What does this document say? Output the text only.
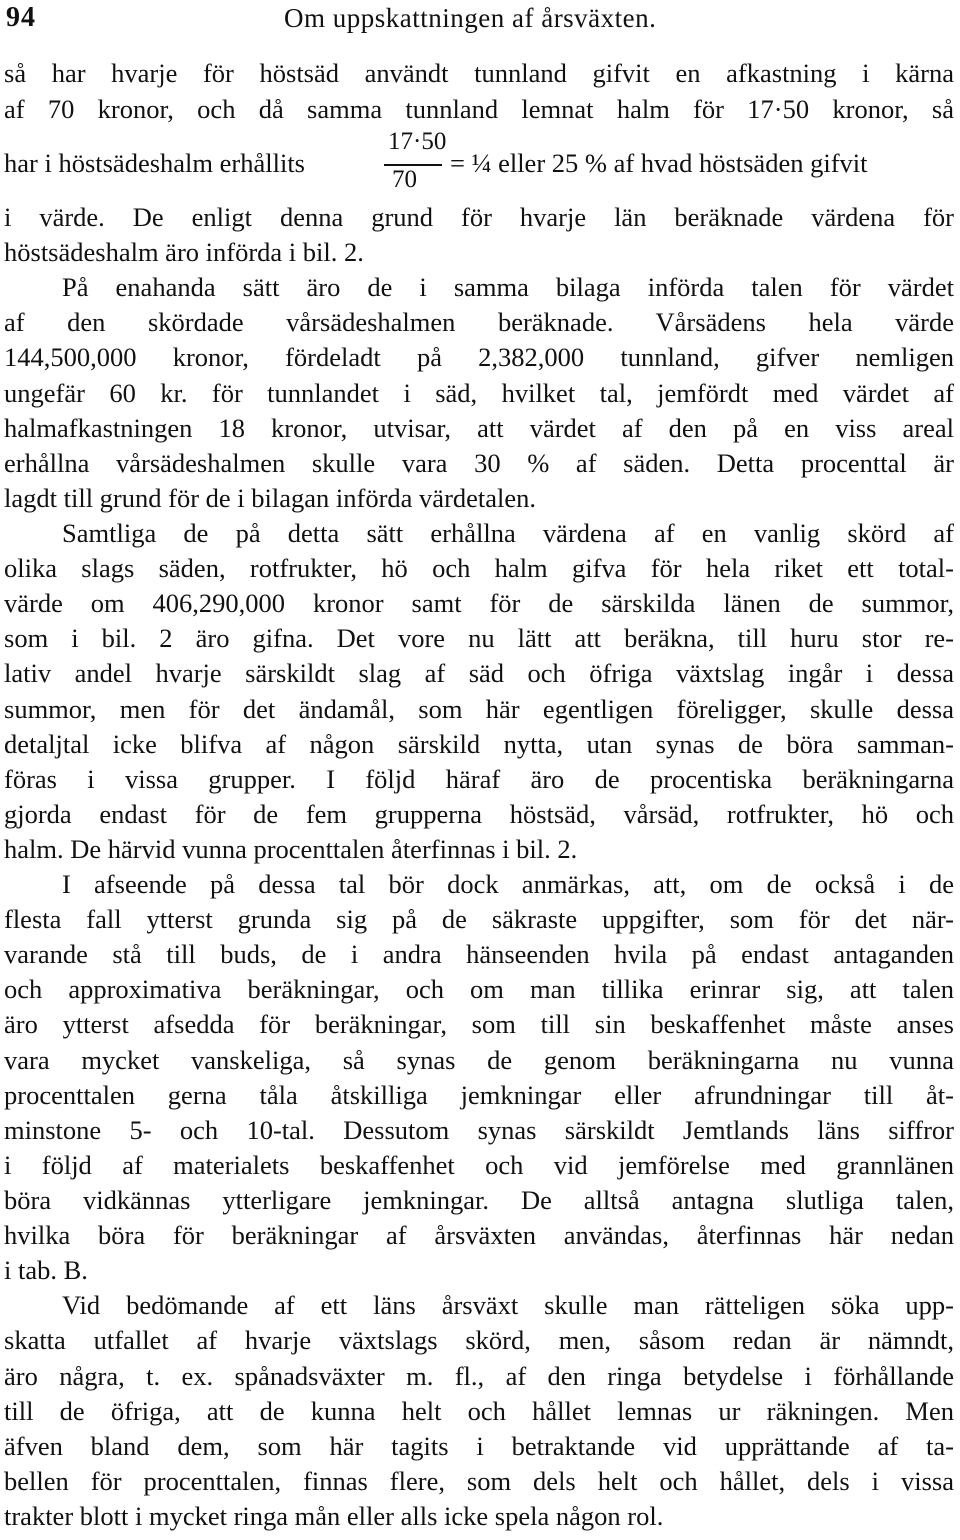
94	Om uppskattningen af årsväxten.
så har hvarje för höstsäd användt tunnland gifvit en afkastning i kärna
af 70 kronor, och då samma tunnland lemnat halm för 17·50 kronor, så
har i höstsädeshalm erhållits
17·50
70
= ¼ eller 25 % af hvad höstsäden gifvit
i värde. De enligt denna grund för hvarje län beräknade värdena för
höstsädeshalm äro införda i bil. 2.
På enahanda sätt äro de i samma bilaga införda talen för värdet
af den skördade vårsädeshalmen beräknade. Vårsädens hela värde
144,500,000 kronor, fördeladt på 2,382,000 tunnland, gifver nemligen
ungefär 60 kr. för tunnlandet i säd, hvilket tal, jemfördt med värdet af
halmafkastningen 18 kronor, utvisar, att värdet af den på en viss areal
erhållna vårsädeshalmen skulle vara 30 % af säden. Detta procenttal är
lagdt till grund för de i bilagan införda värdetalen.
Samtliga de på detta sätt erhållna värdena af en vanlig skörd af
olika slags säden, rotfrukter, hö och halm gifva för hela riket ett total-
värde om 406,290,000 kronor samt för de särskilda länen de summor,
som i bil. 2 äro gifna. Det vore nu lätt att beräkna, till huru stor re-
lativ andel hvarje särskildt slag af säd och öfriga växtslag ingår i dessa
summor, men för det ändamål, som här egentligen föreligger, skulle dessa
detaljtal icke blifva af någon särskild nytta, utan synas de böra samman-
föras i vissa grupper. I följd häraf äro de procentiska beräkningarna
gjorda endast för de fem grupperna höstsäd, vårsäd, rotfrukter, hö och
halm. De härvid vunna procenttalen återfinnas i bil. 2.
I afseende på dessa tal bör dock anmärkas, att, om de också i de
flesta fall ytterst grunda sig på de säkraste uppgifter, som för det när-
varande stå till buds, de i andra hänseenden hvila på endast antaganden
och approximativa beräkningar, och om man tillika erinrar sig, att talen
äro ytterst afsedda för beräkningar, som till sin beskaffenhet måste anses
vara mycket vanskeliga, så synas de genom beräkningarna nu vunna
procenttalen gerna tåla åtskilliga jemkningar eller afrundningar till åt-
minstone 5- och 10-tal. Dessutom synas särskildt Jemtlands läns siffror
i följd af materialets beskaffenhet och vid jemförelse med grannlänen
böra vidkännas ytterligare jemkningar. De alltså antagna slutliga talen,
hvilka böra för beräkningar af årsväxten användas, återfinnas här nedan
i tab. B.
Vid bedömande af ett läns årsväxt skulle man rätteligen söka upp-
skatta utfallet af hvarje växtslags skörd, men, såsom redan är nämndt,
äro några, t. ex. spånadsväxter m. fl., af den ringa betydelse i förhållande
till de öfriga, att de kunna helt och hållet lemnas ur räkningen. Men
äfven bland dem, som här tagits i betraktande vid upprättande af ta-
bellen för procenttalen, finnas flere, som dels helt och hållet, dels i vissa
trakter blott i mycket ringa mån eller alls icke spela någon rol.
